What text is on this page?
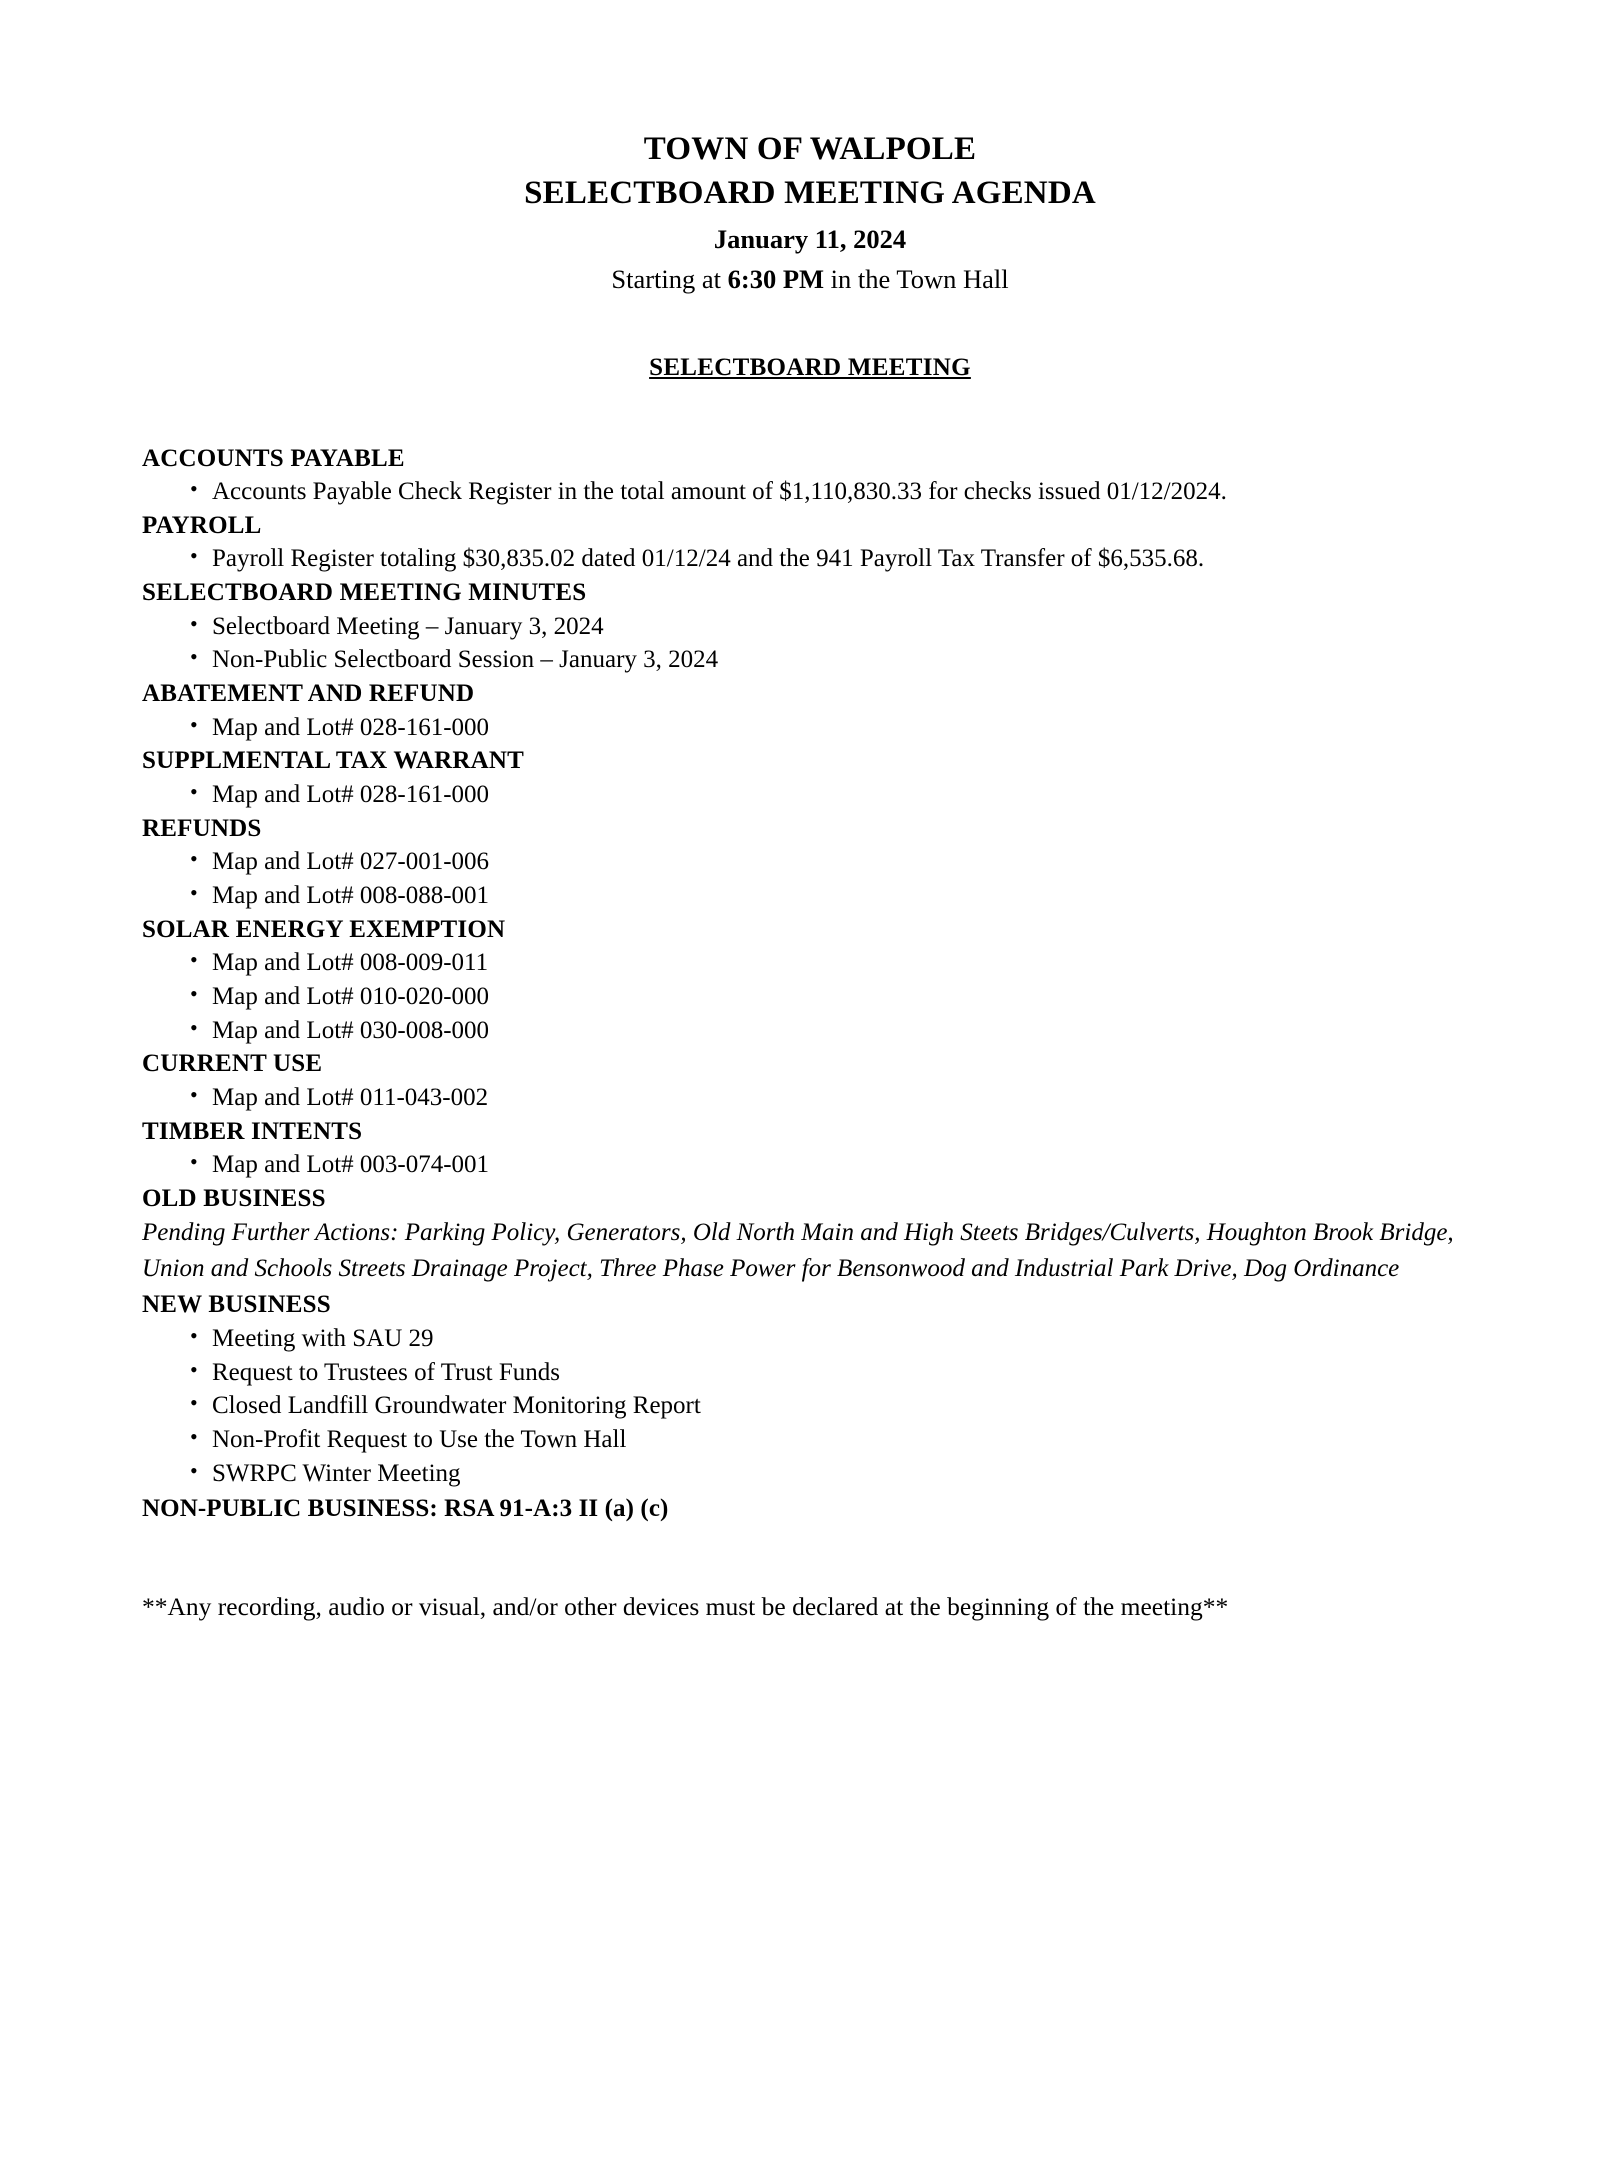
TOWN OF WALPOLE
SELECTBOARD MEETING AGENDA
January 11, 2024
Starting at 6:30 PM in the Town Hall
SELECTBOARD MEETING
ACCOUNTS PAYABLE
• Accounts Payable Check Register in the total amount of $1,110,830.33 for checks issued 01/12/2024.
PAYROLL
• Payroll Register totaling $30,835.02 dated 01/12/24 and the 941 Payroll Tax Transfer of $6,535.68.
SELECTBOARD MEETING MINUTES
• Selectboard Meeting – January 3, 2024
• Non-Public Selectboard Session – January 3, 2024
ABATEMENT AND REFUND
• Map and Lot# 028-161-000
SUPPLMENTAL TAX WARRANT
• Map and Lot# 028-161-000
REFUNDS
• Map and Lot# 027-001-006
• Map and Lot# 008-088-001
SOLAR ENERGY EXEMPTION
• Map and Lot# 008-009-011
• Map and Lot# 010-020-000
• Map and Lot# 030-008-000
CURRENT USE
• Map and Lot# 011-043-002
TIMBER INTENTS
• Map and Lot# 003-074-001
OLD BUSINESS

Pending Further Actions: Parking Policy, Generators, Old North Main and High Steets Bridges/Culverts, Houghton Brook Bridge, Union and Schools Streets Drainage Project, Three Phase Power for Bensonwood and Industrial Park Drive, Dog Ordinance

NEW BUSINESS
• Meeting with SAU 29
• Request to Trustees of Trust Funds
• Closed Landfill Groundwater Monitoring Report
• Non-Profit Request to Use the Town Hall
• SWRPC Winter Meeting
NON-PUBLIC BUSINESS: RSA 91-A:3 II (a) (c)
**Any recording, audio or visual, and/or other devices must be declared at the beginning of the meeting**
